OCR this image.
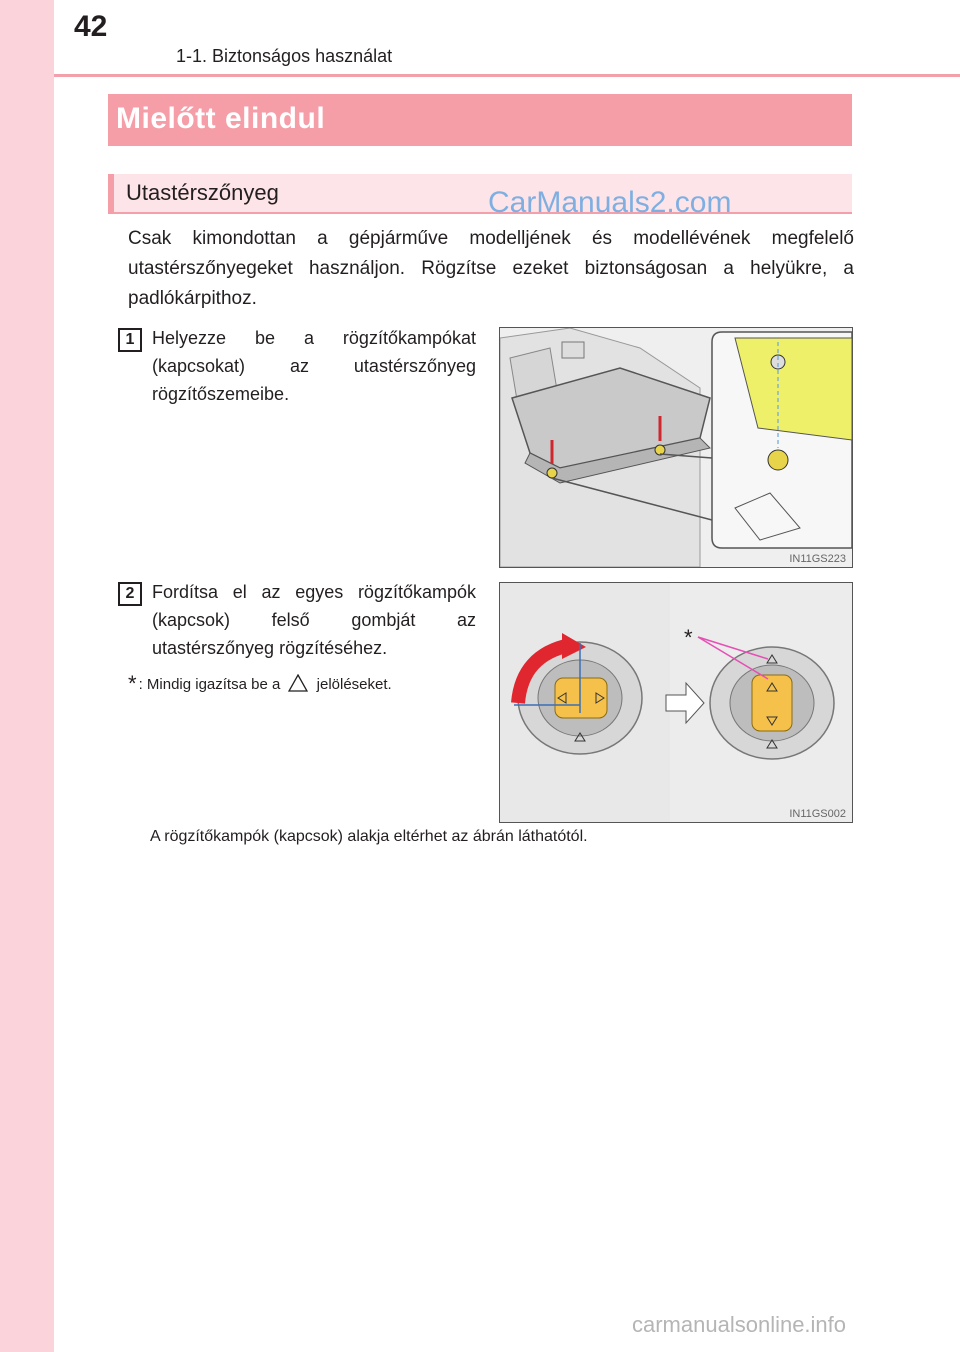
42
1-1. Biztonságos használat
Mielőtt elindul
Utastérszőnyeg	CarManuals2.com
Csak kimondottan a gépjárműve modelljének és modellévének megfelelő utastérszőnyegeket használjon. Rögzítse ezeket biztonságosan a helyükre, a padlókárpithoz.
1 Helyezze be a rögzítőkampókat (kapcsokat) az utastérszőnyeg rögzítőszemeibe.
IN11GS223
2 Fordítsa el az egyes rögzítőkampók (kapcsok) felső gombját az utastérszőnyeg rögzítéséhez.	*
IN11GS002
* : Mindig igazítsa be a jelöléseket.
A rögzítőkampók (kapcsok) alakja eltérhet az ábrán láthatótól.
carmanualsonline.info
